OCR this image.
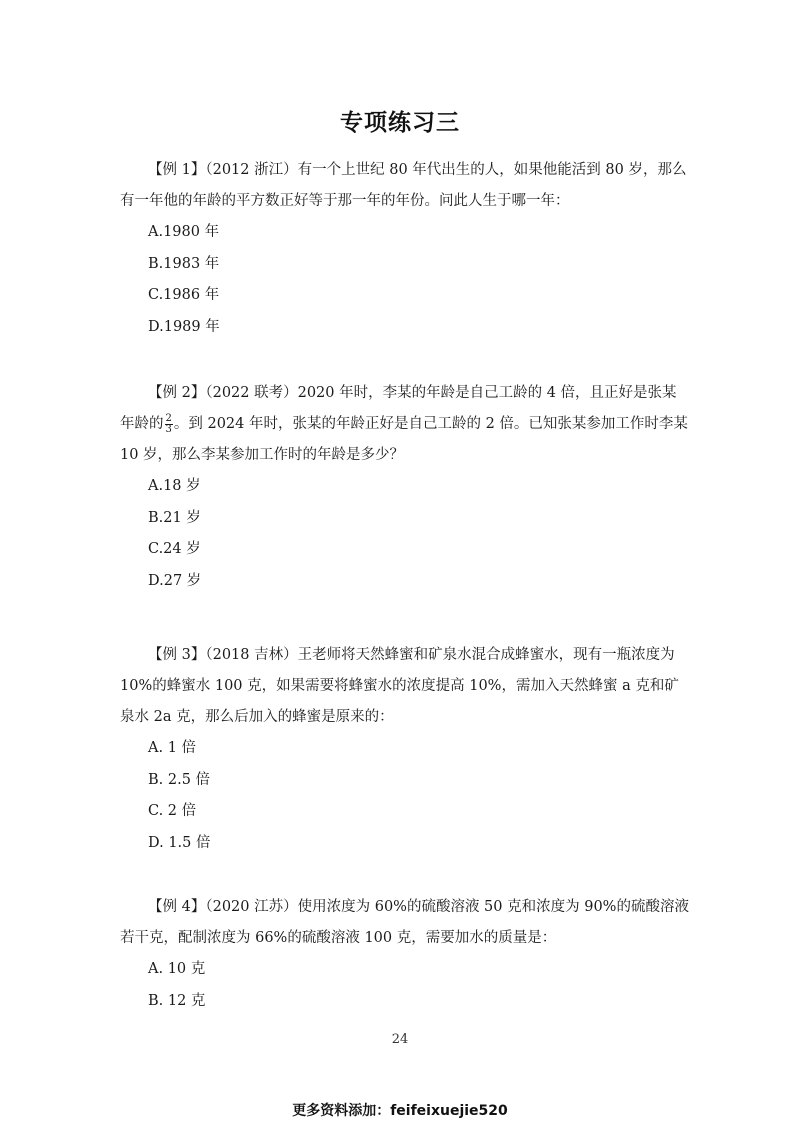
专项练习三

【例 1】（2012 浙江）有一个上世纪 80 年代出生的人，如果他能活到 80 岁，那么有一年他的年龄的平方数正好等于那一年的年份。问此人生于哪一年：

A.1980 年
B.1983 年
C.1986 年
D.1989 年

【例 2】（2022 联考）2020 年时，李某的年龄是自己工龄的 4 倍，且正好是张某年龄的 $\frac{2}{3}$ 。到 2024 年时，张某的年龄正好是自己工龄的 2 倍。已知张某参加工作时李某 10 岁，那么李某参加工作时的年龄是多少？

A.18 岁
B.21 岁
C.24 岁
D.27 岁

【例 3】（2018 吉林）王老师将天然蜂蜜和矿泉水混合成蜂蜜水，现有一瓶浓度为 10%的蜂蜜水 100 克，如果需要将蜂蜜水的浓度提高 10%，需加入天然蜂蜜 a 克和矿泉水 2a 克，那么后加入的蜂蜜是原来的：

A. 1 倍
B. 2.5 倍
C. 2 倍
D. 1.5 倍

【例 4】（2020 江苏）使用浓度为 60%的硫酸溶液 50 克和浓度为 90%的硫酸溶液若干克，配制浓度为 66%的硫酸溶液 100 克，需要加水的质量是：

A. 10 克
B. 12 克
24
更多资料添加：feifeixuejie520
